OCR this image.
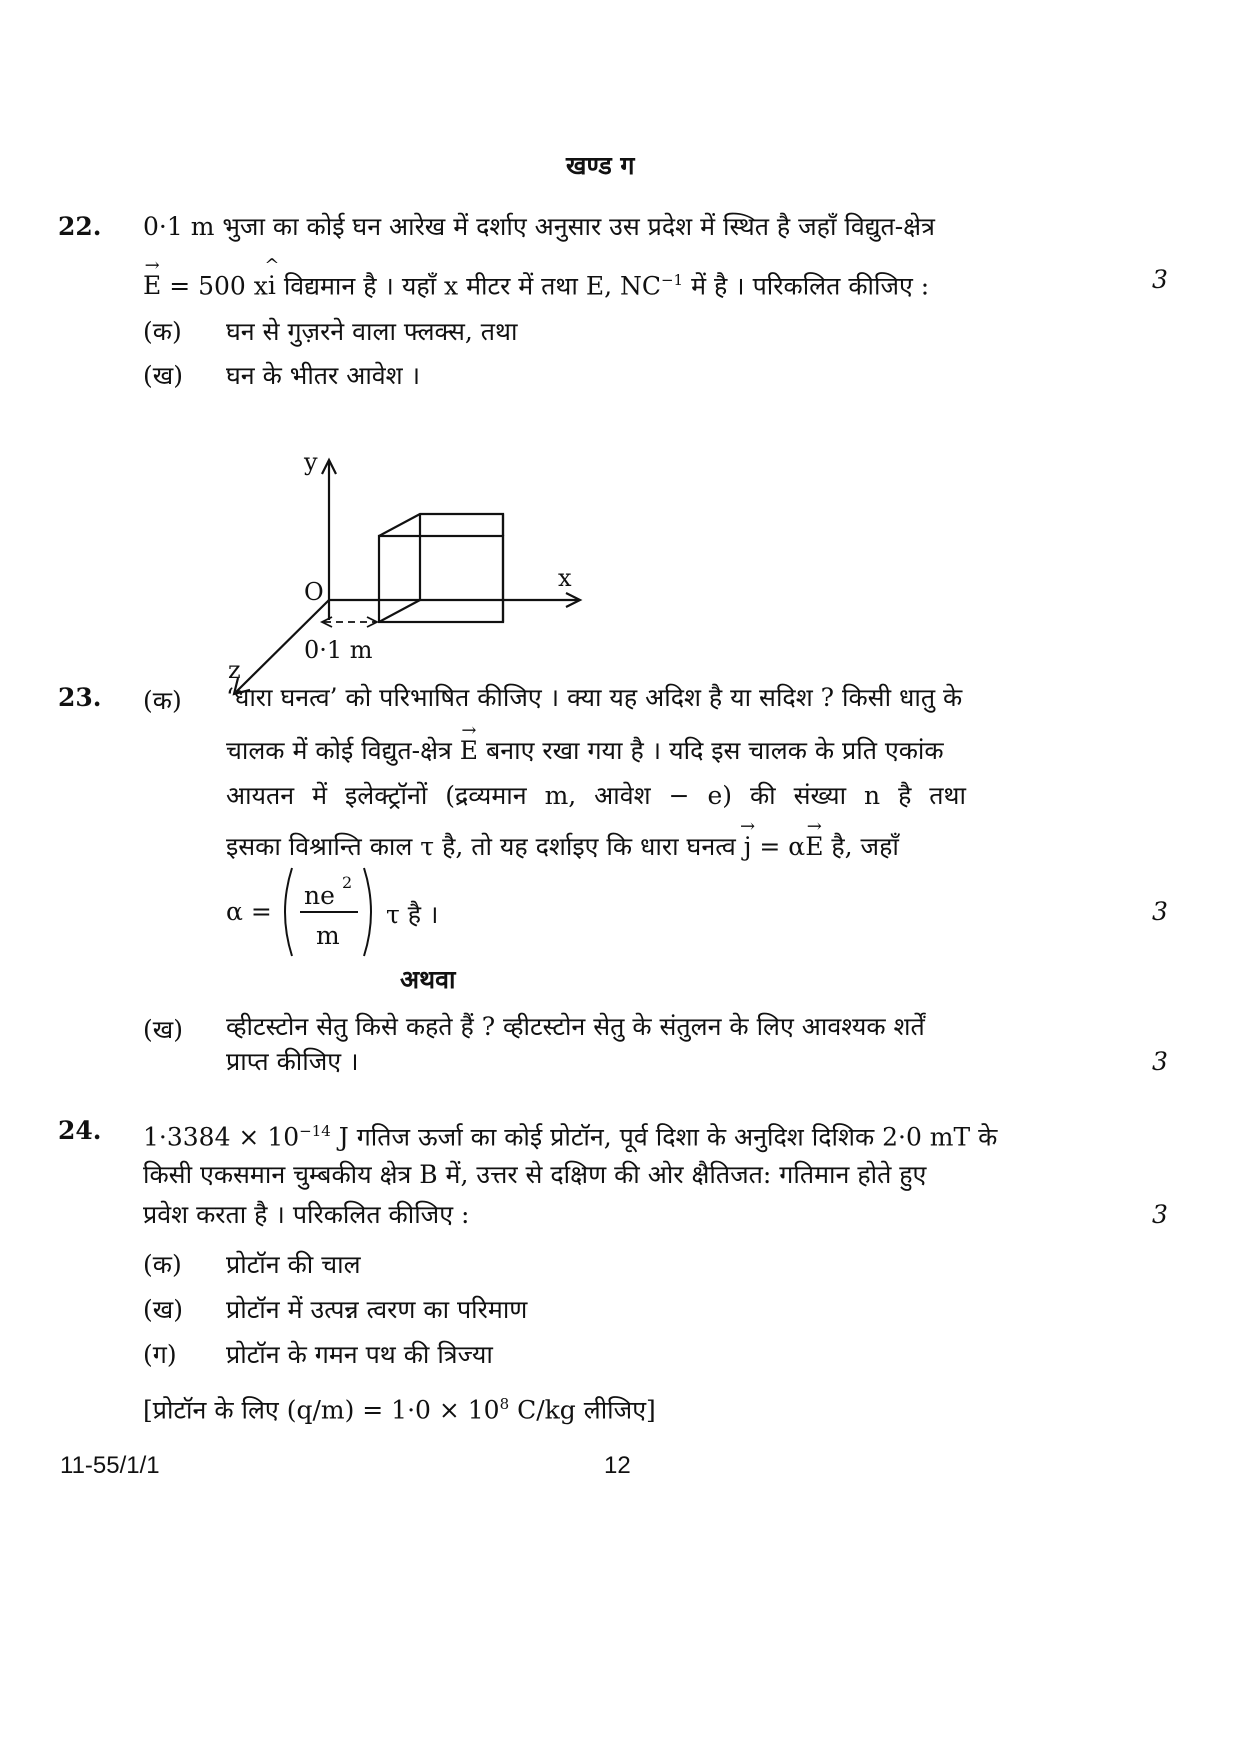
खण्ड ग
22. 0·1 m भुजा का कोई घन आरेख में दर्शाए अनुसार उस प्रदेश में स्थित है जहाँ विद्युत-क्षेत्र
→
E = 500 x
^
i विद्यमान है । यहाँ x मीटर में तथा E, $NC^{-1}$ में है । परिकलित कीजिए :	3
(क) घन से गुज़रने वाला फ्लक्स, तथा
(ख) घन के भीतर आवेश ।
y
x
O
z
0·1 m
23. (क) ‘धारा घनत्व’ को परिभाषित कीजिए । क्या यह अदिश है या सदिश ? किसी धातु के
चालक में कोई विद्युत-क्षेत्र
→
E बनाए रखा गया है । यदि इस चालक के प्रति एकांक
आयतन में इलेक्ट्रॉनों (द्रव्यमान m, आवेश − e) की संख्या n है तथा
इसका विश्रान्ति काल τ है, तो यह दर्शाइए कि धारा घनत्व
→
j = α
→
E है, जहाँ
α =
ne 2
m
τ है ।	3
अथवा
(ख) व्हीटस्टोन सेतु किसे कहते हैं ? व्हीटस्टोन सेतु के संतुलन के लिए आवश्यक शर्तें
प्राप्त कीजिए ।	3
24. $1\cdot 3384 \times 10^{-14}$ J गतिज ऊर्जा का कोई प्रोटॉन, पूर्व दिशा के अनुदिश दिशिक 2·0 mT के
किसी एकसमान चुम्बकीय क्षेत्र B में, उत्तर से दक्षिण की ओर क्षैतिजत: गतिमान होते हुए
प्रवेश करता है । परिकलित कीजिए :	3
(क) प्रोटॉन की चाल
(ख) प्रोटॉन में उत्पन्न त्वरण का परिमाण
(ग) प्रोटॉन के गमन पथ की त्रिज्या
[प्रोटॉन के लिए $(q/m) = 1\cdot 0 \times 10^8$ C/kg लीजिए]
11-55/1/1	12
